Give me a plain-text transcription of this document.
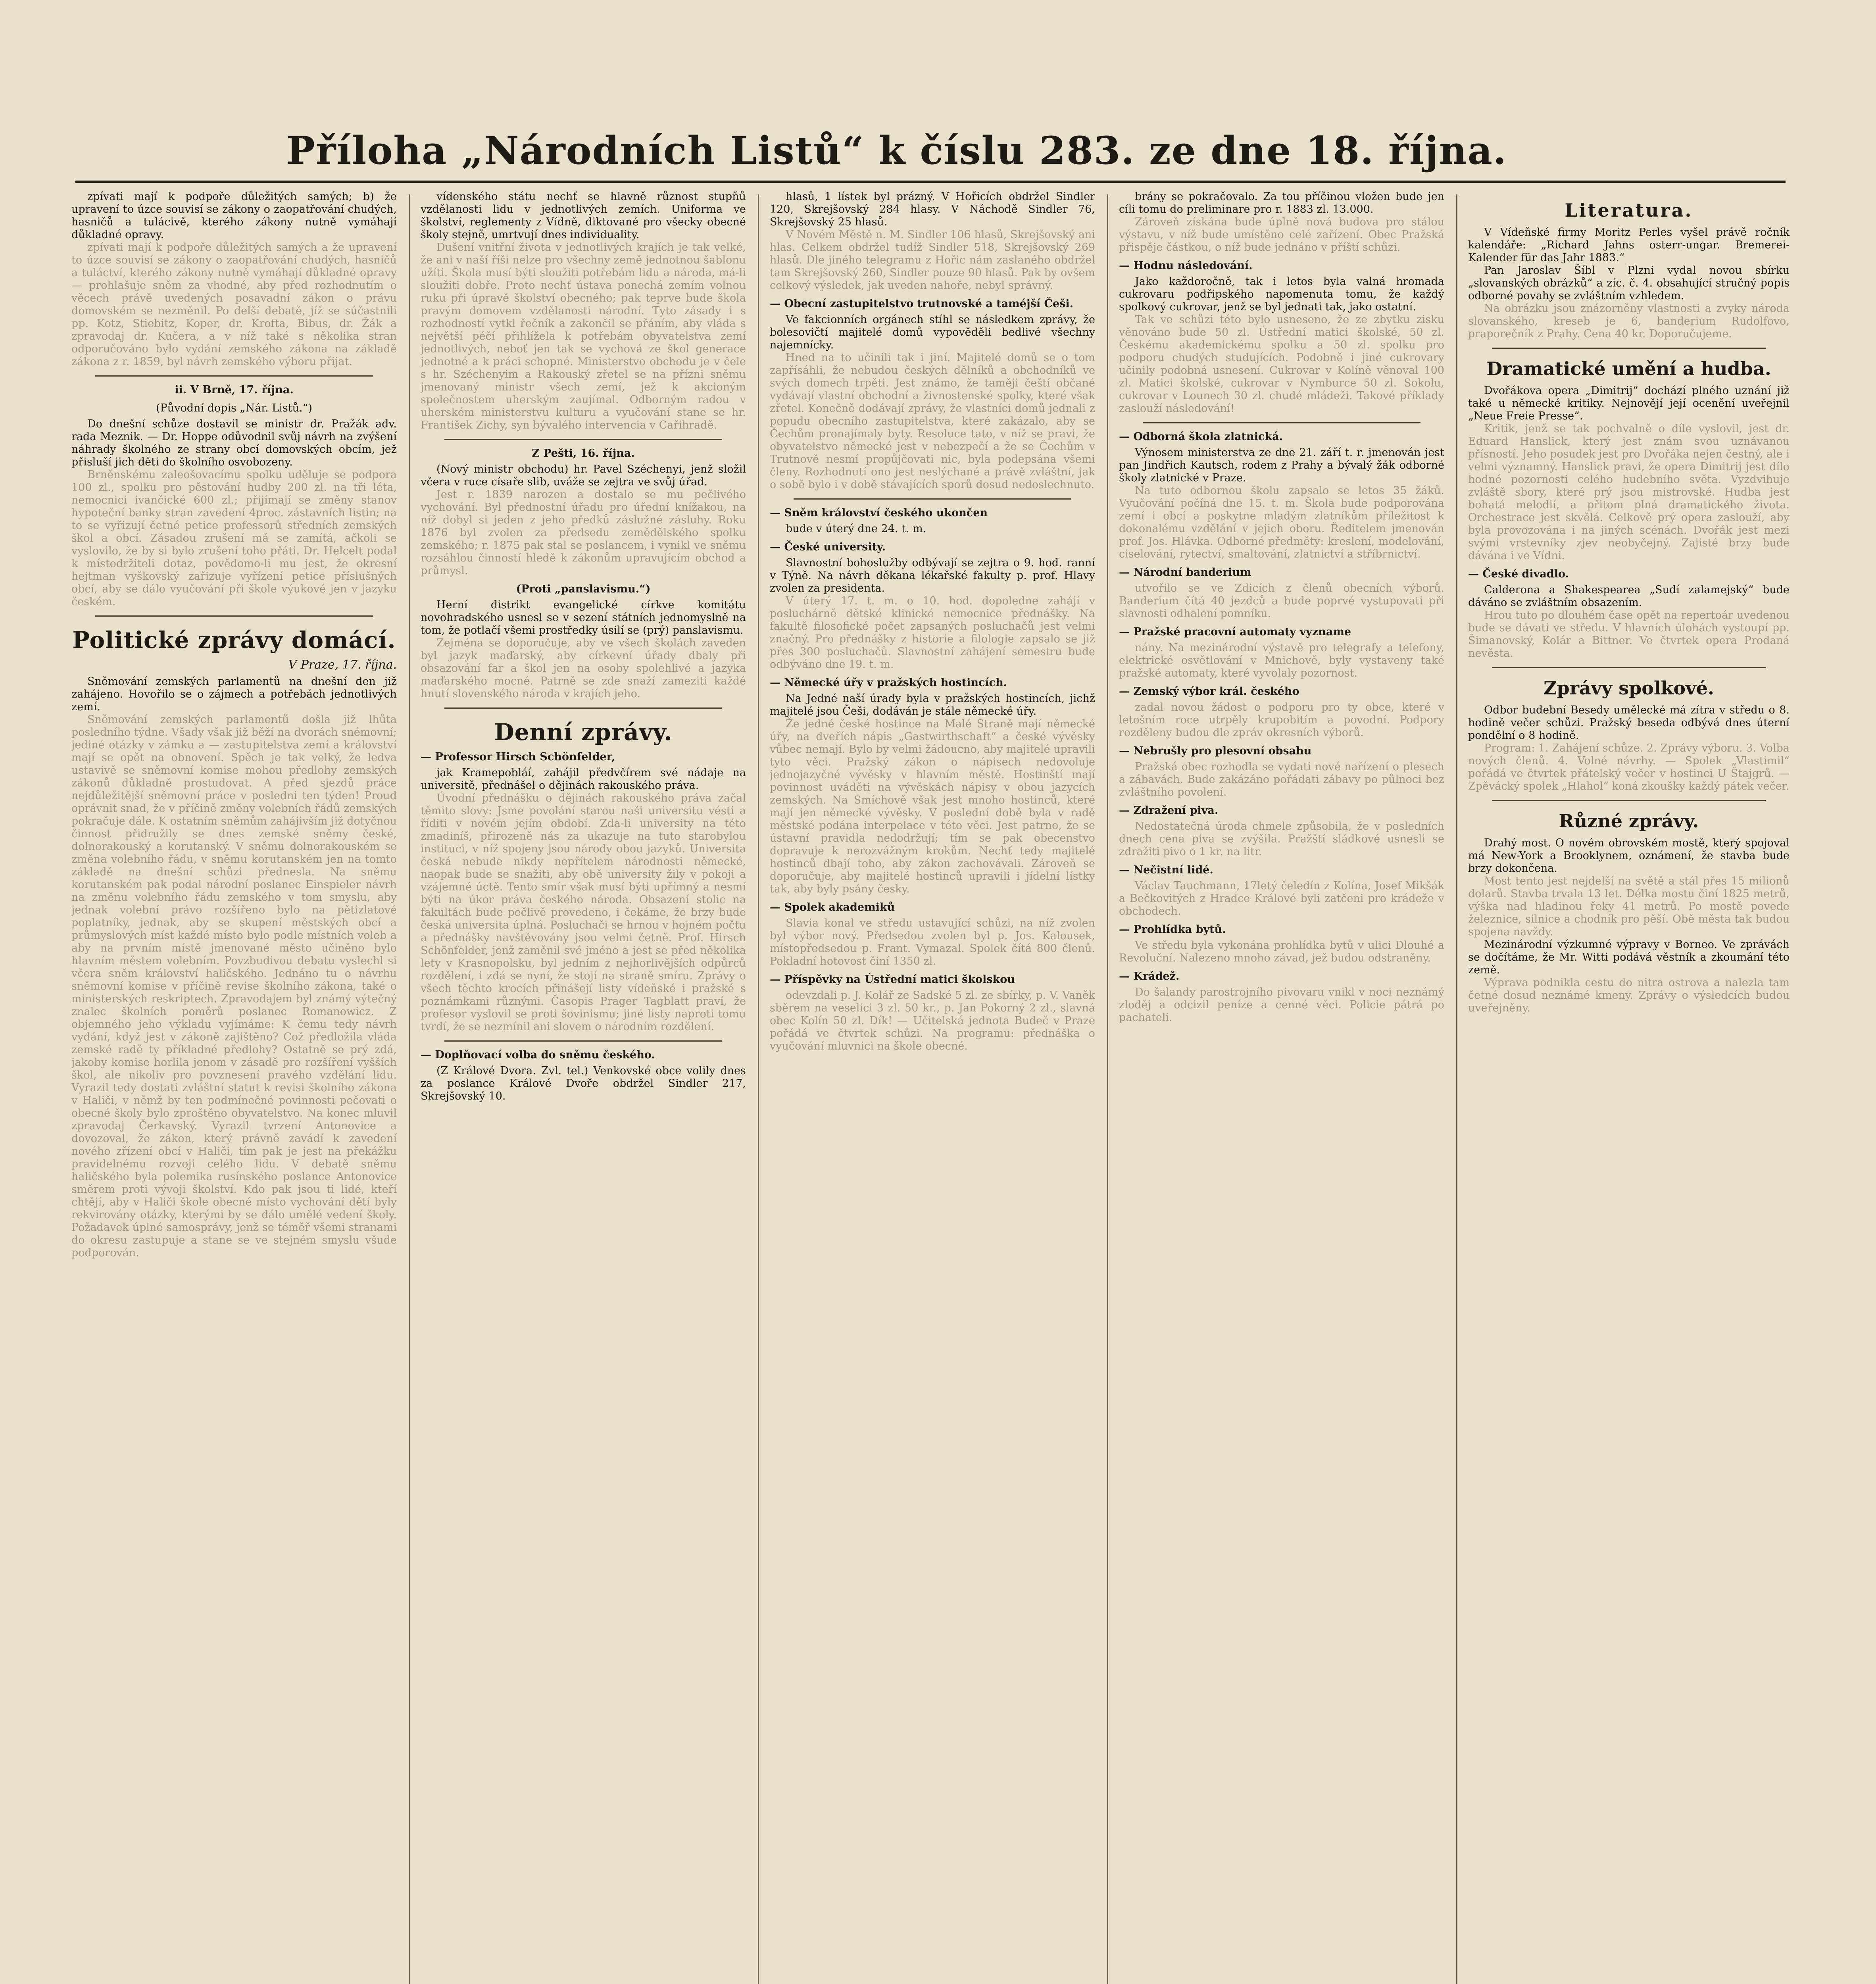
Příloha „Národních Listů“ k číslu 283. ze dne 18. října.

zpívati mají k podpoře důležitých samých; b) že upravení to úzce souvisí se zákony o zaopatřování chudých, hasničů a tulácivě, kterého zákony nutně vymáhají důkladné opravy.

zpívati mají k podpoře důležitých samých a že upravení to úzce souvisí se zákony o zaopatřování chudých, hasničů a tuláctví, kterého zákony nutně vymáhají důkladné opravy — prohlašuje sněm za vhodné, aby před rozhodnutím o věcech právě uvedených posavadní zákon o právu domovském se nezměnil. Po delší debatě, jíž se súčastnili pp. Kotz, Stiebitz, Koper, dr. Krofta, Bibus, dr. Žák a zpravodaj dr. Kučera, a v níž také s několika stran odporučováno bylo vydání zemského zákona na základě zákona z r. 1859, byl návrh zemského výboru přijat.

ii. V Brně, 17. října.
(Původní dopis „Nár. Listů.“)

Do dnešní schůze dostavil se ministr dr. Pražák adv. rada Meznik. — Dr. Hoppe odůvodnil svůj návrh na zvýšení náhrady školného ze strany obcí domovských obcím, jež přisluší jich děti do školního osvobozeny.

Brněnskému zaleošovacímu spolku uděluje se podpora 100 zl., spolku pro pěstování hudby 200 zl. na tři léta, nemocnici ivančické 600 zl.; přijímají se změny stanov hypoteční banky stran zavedení 4proc. zástavních listin; na to se vyřizují četné petice professorů středních zemských škol a obcí. Zásadou zrušení má se zamítá, ačkoli se vyslovilo, že by si bylo zrušení toho přáti. Dr. Helcelt podal k místodržiteli dotaz, povědomo-li mu jest, že okresní hejtman vyškovský zařizuje vyřízení petice příslušných obcí, aby se dálo vyučování při škole výukové jen v jazyku českém.

Politické zprávy domácí.
V Praze, 17. října.

Sněmování zemských parlamentů na dnešní den již zahájeno. Hovořilo se o zájmech a potřebách jednotlivých zemí.

Sněmování zemských parlamentů došla již lhůta posledního týdne. Všady však již běží na dvorách snémovní; jediné otázky v zámku a — zastupitelstva zemí a království mají se opět na obnovení. Spěch je tak velký, že ledva ustavivě se sněmovní komise mohou předlohy zemských zákonů důkladně prostudovat. A před sjezdů práce nejdůležitější sněmovní práce v posledni ten týden! Proud oprávnit snad, že v příčině změny volebních řádů zemských pokračuje dále. K ostatním sněmům zahájivším již dotyčnou činnost přidružily se dnes zemské sněmy české, dolnorakouský a korutanský. V sněmu dolnorakouském se změna volebního řádu, v sněmu korutanském jen na tomto základě na dnešní schůzi přednesla. Na sněmu korutanském pak podal národní poslanec Einspieler návrh na změnu volebního řádu zemského v tom smyslu, aby jednak volební právo rozšířeno bylo na pětizlatové poplatníky, jednak, aby se skupení městských obcí a průmyslových míst každé místo bylo podle místních voleb a aby na prvním místě jmenované město učiněno bylo hlavním městem volebním. Povzbudivou debatu vyslechl si včera sněm království haličského. Jednáno tu o návrhu sněmovní komise v příčině revise školního zákona, také o ministerských reskriptech. Zpravodajem byl známý výtečný znalec školních poměrů poslanec Romanowicz. Z objemného jeho výkladu vyjímáme: K čemu tedy návrh vydání, když jest v zákoně zajištěno? Což předložila vláda zemské radě ty příkladné předlohy? Ostatně se prý zdá, jakoby komise horlila jenom v zásadě pro rozšíření vyšších škol, ale nikoliv pro povznesení pravého vzdělání lidu. Vyrazil tedy dostati zvláštní statut k revisi školního zákona v Haliči, v němž by ten podmínečné povinnosti pečovati o obecné školy bylo zproštěno obyvatelstvo. Na konec mluvil zpravodaj Čerkavský. Vyrazil tvrzení Antonovice a dovozoval, že zákon, který právně zavádí k zavedení nového zřízení obcí v Haliči, tím pak je jest na překážku pravidelnému rozvoji celého lidu. V debatě sněmu haličského byla polemika rusínského poslance Antonovice směrem proti vývoji školství. Kdo pak jsou ti lidé, kteří chtějí, aby v Haliči škole obecné místo vychování dětí byly rekvirovány otázky, kterými by se dálo umělé vedení školy. Požadavek úplné samosprávy, jenž se téměř všemi stranami do okresu zastupuje a stane se ve stejném smyslu všude podporován.

vídenského státu nechť se hlavně různost stupňů vzdělanosti lidu v jednotlivých zemích. Uniforma ve školství, reglementy z Vídně, diktované pro všecky obecné školy stejně, umrtvují dnes individuality.

Dušení vnitřní života v jednotlivých krajích je tak velké, že ani v naší říši nelze pro všechny země jednotnou šablonu užíti. Škola musí býti sloužiti potřebám lidu a národa, má-li sloužiti dobře. Proto nechť ústava ponechá zemím volnou ruku při úpravě školství obecného; pak teprve bude škola pravým domovem vzdělanosti národní. Tyto zásady i s rozhodností vytkl řečník a zakončil se přáním, aby vláda s největší péčí přihlížela k potřebám obyvatelstva zemí jednotlivých, neboť jen tak se vychová ze škol generace jednotné a k práci schopné. Ministerstvo obchodu je v čele s hr. Széchenyim a Rakouský zřetel se na přízni sněmu jmenovaný ministr všech zemí, jež k akcioným společnostem uherským zaujímal. Odborným radou v uherském ministerstvu kulturu a vyučování stane se hr. František Zichy, syn bývalého intervencia v Cařihradě.

Z Pešti, 16. října.

(Nový ministr obchodu) hr. Pavel Széchenyi, jenž složil včera v ruce císaře slib, uváže se zejtra ve svůj úřad.

Jest r. 1839 narozen a dostalo se mu pečlivého vychování. Byl přednostní úřadu pro úřední knížakou, na níž dobyl si jeden z jeho předků záslužné zásluhy. Roku 1876 byl zvolen za předsedu zemědělského spolku zemského; r. 1875 pak stal se poslancem, i vynikl ve sněmu rozsáhlou činností hledě k zákonům upravujícím obchod a průmysl.

(Proti „panslavismu.“)

Herní distrikt evangelické církve komitátu novohradského usnesl se v sezení státních jednomyslně na tom, že potlačí všemi prostředky úsilí se (prý) panslavismu.

Zejména se doporučuje, aby ve všech školách zaveden byl jazyk maďarský, aby církevní úřady dbaly při obsazování far a škol jen na osoby spolehlivé a jazyka maďarského mocné. Patrně se zde snaží zameziti každé hnutí slovenského národa v krajích jeho.

Denní zprávy.
— Professor Hirsch Schönfelder,

jak Kramepobláí, zahájil předvčírem své nádaje na universitě, přednášel o dějinách rakouského práva.

Úvodní přednášku o dějinách rakouského práva začal těmito slovy: Jsme povolání starou naši universitu vésti a říditi v novém jejím období. Zda-li university na této zmadiníš, přirozeně nás za ukazuje na tuto starobylou instituci, v níž spojeny jsou národy obou jazyků. Universita česká nebude nikdy nepřítelem národnosti německé, naopak bude se snažiti, aby obě university žily v pokoji a vzájemné úctě. Tento smír však musí býti upřímný a nesmí býti na úkor práva českého národa. Obsazení stolic na fakultách bude pečlivě provedeno, i čekáme, že brzy bude česká universita úplná. Posluchači se hrnou v hojném počtu a přednášky navštěvovány jsou velmi četně. Prof. Hirsch Schönfelder, jenž zaměnil své jméno a jest se před několika lety v Krasnopolsku, byl jedním z nejhorlivějších odpůrců rozdělení, i zdá se nyní, že stojí na straně smíru. Zprávy o všech těchto krocích přinášejí listy vídeňské i pražské s poznámkami různými. Časopis Prager Tagblatt praví, že profesor vyslovil se proti šovinismu; jiné listy naproti tomu tvrdí, že se nezmínil ani slovem o národním rozdělení.

— Doplňovací volba do sněmu českého.

(Z Králové Dvora. Zvl. tel.) Venkovské obce volily dnes za poslance Králové Dvoře obdržel Sindler 217, Skrejšovský 10.

hlasů, 1 lístek byl prázný. V Hořicích obdržel Sindler 120, Skrejšovský 284 hlasy. V Náchodě Sindler 76, Skrejšovský 25 hlasů.

V Novém Městě n. M. Sindler 106 hlasů, Skrejšovský ani hlas. Celkem obdržel tudíž Sindler 518, Skrejšovský 269 hlasů. Dle jiného telegramu z Hořic nám zaslaného obdržel tam Skrejšovský 260, Sindler pouze 90 hlasů. Pak by ovšem celkový výsledek, jak uveden nahoře, nebyl správný.

— Obecní zastupitelstvo trutnovské a taméjší Češi.

Ve fakcionních orgánech stíhl se následkem zprávy, že bolesovičtí majitelé domů vypověděli bedlivé všechny najemnícky.

Hned na to učinili tak i jiní. Majitelé domů se o tom zapřísáhli, že nebudou českých dělníků a obchodníků ve svých domech trpěti. Jest známo, že taměji čeští občané vydávají vlastní obchodní a živnostenské spolky, které však zřetel. Konečně dodávají zprávy, že vlastníci domů jednali z popudu obecního zastupitelstva, které zakázalo, aby se Čechům pronajímaly byty. Resoluce tato, v níž se pravi, že obyvatelstvo německé jest v nebezpečí a že se Čechům v Trutnově nesmí propůjčovati nic, byla podepsána všemi členy. Rozhodnutí ono jest neslýchané a právě zvláštní, jak o sobě bylo i v době stávajících sporů dosud nedoslechnuto.

— Sněm království českého ukončen

bude v úterý dne 24. t. m.

— České university.

Slavnostní bohoslužby odbývají se zejtra o 9. hod. ranní v Týně. Na návrh děkana lékařské fakulty p. prof. Hlavy zvolen za presidenta.

V úterý 17. t. m. o 10. hod. dopoledne zahájí v posluchárně dětské klinické nemocnice přednášky. Na fakultě filosofické počet zapsaných posluchačů jest velmi značný. Pro přednášky z historie a filologie zapsalo se již přes 300 posluchačů. Slavnostní zahájení semestru bude odbýváno dne 19. t. m.

— Německé úřy v pražských hostincích.

Na Jedné naší úrady byla v pražských hostincích, jichž majitelé jsou Češi, dodáván je stále německé úřy.

Že jedné české hostince na Malé Straně mají německé úřy, na dveřích nápis „Gastwirthschaft“ a české vývěsky vůbec nemají. Bylo by velmi žádoucno, aby majitelé upravili tyto věci. Pražský zákon o nápisech nedovoluje jednojazyčné vývěsky v hlavním městě. Hostinští mají povinnost uváděti na vývěskách nápisy v obou jazycích zemských. Na Smíchově však jest mnoho hostinců, které mají jen německé vývěsky. V poslední době byla v radě městské podána interpelace v této věci. Jest patrno, že se ústavní pravidla nedodržují; tím se pak obecenstvo dopravuje k nerozvážným krokům. Nechť tedy majitelé hostinců dbají toho, aby zákon zachovávali. Zároveň se doporučuje, aby majitelé hostinců upravili i jídelní lístky tak, aby byly psány česky.

— Spolek akademiků

Slavia konal ve středu ustavující schůzi, na níž zvolen byl výbor nový. Předsedou zvolen byl p. Jos. Kalousek, místopředsedou p. Frant. Vymazal. Spolek čítá 800 členů. Pokladní hotovost činí 1350 zl.

— Příspěvky na Ústřední matici školskou

odevzdali p. J. Kolář ze Sadské 5 zl. ze sbírky, p. V. Vaněk sběrem na veselici 3 zl. 50 kr., p. Jan Pokorný 2 zl., slavná obec Kolín 50 zl. Dík! — Učitelská jednota Budeč v Praze pořádá ve čtvrtek schůzi. Na programu: přednáška o vyučování mluvnici na škole obecné.

brány se pokračovalo. Za tou příčinou vložen bude jen cíli tomu do preliminare pro r. 1883 zl. 13.000.

Zároveň získána bude úplně nová budova pro stálou výstavu, v níž bude umístěno celé zařízení. Obec Pražská přispěje částkou, o níž bude jednáno v příští schůzi.

— Hodnu následování.

Jako každoročně, tak i letos byla valná hromada cukrovaru podřipského napomenuta tomu, že každý spolkový cukrovar, jenž se byl jednati tak, jako ostatní.

Tak ve schůzi této bylo usneseno, že ze zbytku zisku věnováno bude 50 zl. Ústřední matici školské, 50 zl. Českému akademickému spolku a 50 zl. spolku pro podporu chudých studujících. Podobně i jiné cukrovary učinily podobná usnesení. Cukrovar v Kolíně věnoval 100 zl. Matici školské, cukrovar v Nymburce 50 zl. Sokolu, cukrovar v Lounech 30 zl. chudé mládeži. Takové příklady zaslouží následování!

— Odborná škola zlatnická.

Výnosem ministerstva ze dne 21. září t. r. jmenován jest pan Jindřich Kautsch, rodem z Prahy a bývalý žák odborné školy zlatnické v Praze.

Na tuto odbornou školu zapsalo se letos 35 žáků. Vyučování počíná dne 15. t. m. Škola bude podporována zemí i obcí a poskytne mladým zlatníkům příležitost k dokonalému vzdělání v jejich oboru. Ředitelem jmenován prof. Jos. Hlávka. Odborné předměty: kreslení, modelování, ciselování, rytectví, smaltování, zlatnictví a stříbrnictví.

— Národní banderium

utvořilo se ve Zdicích z členů obecních výborů. Banderium čítá 40 jezdců a bude poprvé vystupovati při slavnosti odhalení pomníku.

— Pražské pracovní automaty vyzname

nány. Na mezinárodní výstavě pro telegrafy a telefony, elektrické osvětlování v Mnichově, byly vystaveny také pražské automaty, které vyvolaly pozornost.

— Zemský výbor král. českého

zadal novou žádost o podporu pro ty obce, které v letošním roce utrpěly krupobitím a povodní. Podpory rozděleny budou dle zpráv okresních výborů.

— Nebrušly pro plesovní obsahu

Pražská obec rozhodla se vydati nové nařízení o plesech a zábavách. Bude zakázáno pořádati zábavy po půlnoci bez zvláštního povolení.

— Zdražení piva.

Nedostatečná úroda chmele způsobila, že v posledních dnech cena piva se zvýšila. Pražští sládkové usnesli se zdražiti pivo o 1 kr. na litr.

— Nečistní lidé.

Václav Tauchmann, 17letý čeledín z Kolína, Josef Mikšák a Bečkovitých z Hradce Králové byli zatčeni pro krádeže v obchodech.

— Prohlídka bytů.

Ve středu byla vykonána prohlídka bytů v ulici Dlouhé a Revoluční. Nalezeno mnoho závad, jež budou odstraněny.

— Krádež.

Do šalandy parostrojního pivovaru vnikl v noci neznámý zloděj a odcizil peníze a cenné věci. Policie pátrá po pachateli.

Literatura.

V Vídeňské firmy Moritz Perles vyšel právě ročník kalendáře: „Richard Jahns osterr-ungar. Bremerei-Kalender für das Jahr 1883.“

Pan Jaroslav Šíbl v Plzni vydal novou sbírku „slovanských obrázků“ a zíc. č. 4. obsahující stručný popis odborné povahy se zvláštním vzhledem.

Na obrázku jsou znázorněny vlastnosti a zvyky národa slovanského, kreseb je 6, banderium Rudolfovo, praporečník z Prahy. Cena 40 kr. Doporučujeme.

Dramatické umění a hudba.

Dvořákova opera „Dimitrij“ dochází plného uznání již také u německé kritiky. Nejnovějí její ocenění uveřejnil „Neue Freie Presse“.

Kritik, jenž se tak pochvalně o díle vyslovil, jest dr. Eduard Hanslick, který jest znám svou uznávanou přísností. Jeho posudek jest pro Dvořáka nejen čestný, ale i velmi významný. Hanslick pravi, že opera Dimitrij jest dílo hodné pozornosti celého hudebního světa. Vyzdvihuje zvláště sbory, které prý jsou mistrovské. Hudba jest bohatá melodií, a přitom plná dramatického života. Orchestrace jest skvělá. Celkově prý opera zaslouží, aby byla provozována i na jiných scénách. Dvořák jest mezi svými vrstevníky zjev neobyčejný. Zajisté brzy bude dávána i ve Vídni.

— České divadlo.

Calderona a Shakespearea „Sudí zalamejský“ bude dáváno se zvláštním obsazením.

Hrou tuto po dlouhém čase opět na repertoár uvedenou bude se dávati ve středu. V hlavních úlohách vystoupí pp. Šimanovský, Kolár a Bittner. Ve čtvrtek opera Prodaná nevěsta.

Zprávy spolkové.

Odbor budební Besedy umělecké má zítra v středu o 8. hodině večer schůzi. Pražský beseda odbývá dnes úterní pondělní o 8 hodině.

Program: 1. Zahájení schůze. 2. Zprávy výboru. 3. Volba nových členů. 4. Volné návrhy. — Spolek „Vlastimil“ pořádá ve čtvrtek přátelský večer v hostinci U Štajgrů. — Zpěvácký spolek „Hlahol“ koná zkoušky každý pátek večer.

Různé zprávy.

Drahý most. O novém obrovském mostě, který spojoval má New-York a Brooklynem, oznámení, že stavba bude brzy dokončena.

Most tento jest nejdelší na světě a stál přes 15 milionů dolarů. Stavba trvala 13 let. Délka mostu činí 1825 metrů, výška nad hladinou řeky 41 metrů. Po mostě povede železnice, silnice a chodník pro pěší. Obě města tak budou spojena navždy.

Mezinárodní výzkumné výpravy v Borneo. Ve zprávách se dočítáme, že Mr. Witti podává věstník a zkoumání této země.

Výprava podnikla cestu do nitra ostrova a nalezla tam četné dosud neznámé kmeny. Zprávy o výsledcích budou uveřejněny.
